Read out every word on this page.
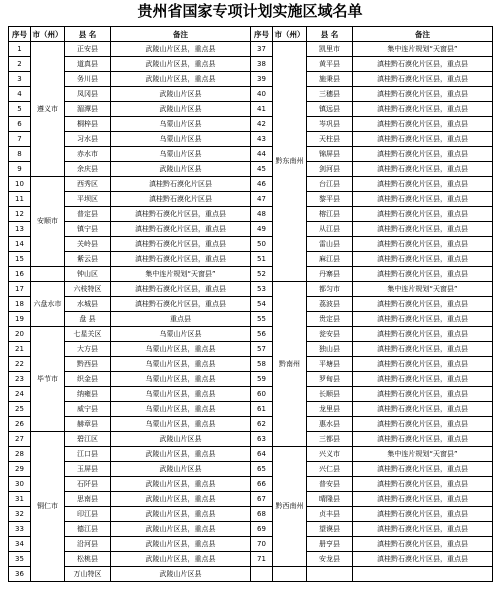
贵州省国家专项计划实施区域名单
序号	市（州）	县 名	备注	序号	市（州）	县 名	备注
1	遵义市	正安县	武陵山片区县，重点县	37	黔东南州	凯里市	集中连片规划“天窗县”
2		道真县	武陵山片区县，重点县	38		黄平县	滇桂黔石漠化片区县，重点县
3		务川县	武陵山片区县，重点县	39		施秉县	滇桂黔石漠化片区县，重点县
4		凤冈县	武陵山片区县	40		三穗县	滇桂黔石漠化片区县，重点县
5		湄潭县	武陵山片区县	41		镇远县	滇桂黔石漠化片区县，重点县
6		桐梓县	乌蒙山片区县	42		岑巩县	滇桂黔石漠化片区县，重点县
7		习水县	乌蒙山片区县	43		天柱县	滇桂黔石漠化片区县，重点县
8		赤水市	乌蒙山片区县	44		锦屏县	滇桂黔石漠化片区县，重点县
9		余庆县	武陵山片区县	45		剑河县	滇桂黔石漠化片区县，重点县
10	安顺市	西秀区	滇桂黔石漠化片区县	46		台江县	滇桂黔石漠化片区县，重点县
11		平坝区	滇桂黔石漠化片区县	47		黎平县	滇桂黔石漠化片区县，重点县
12		普定县	滇桂黔石漠化片区县，重点县	48		榕江县	滇桂黔石漠化片区县，重点县
13		镇宁县	滇桂黔石漠化片区县，重点县	49		从江县	滇桂黔石漠化片区县，重点县
14		关岭县	滇桂黔石漠化片区县，重点县	50		雷山县	滇桂黔石漠化片区县，重点县
15		紫云县	滇桂黔石漠化片区县，重点县	51		麻江县	滇桂黔石漠化片区县，重点县
16		钟山区	集中连片规划“天窗县”	52		丹寨县	滇桂黔石漠化片区县，重点县
17	六盘水市	六枝特区	滇桂黔石漠化片区县，重点县	53	黔南州	都匀市	集中连片规划“天窗县”
18		水城县	滇桂黔石漠化片区县，重点县	54		荔波县	滇桂黔石漠化片区县，重点县
19		盘 县	重点县	55		贵定县	滇桂黔石漠化片区县，重点县
20	毕节市	七星关区	乌蒙山片区县	56		瓮安县	滇桂黔石漠化片区县，重点县
21		大方县	乌蒙山片区县，重点县	57		独山县	滇桂黔石漠化片区县，重点县
22		黔西县	乌蒙山片区县，重点县	58		平塘县	滇桂黔石漠化片区县，重点县
23		织金县	乌蒙山片区县，重点县	59		罗甸县	滇桂黔石漠化片区县，重点县
24		纳雍县	乌蒙山片区县，重点县	60		长顺县	滇桂黔石漠化片区县，重点县
25		威宁县	乌蒙山片区县，重点县	61		龙里县	滇桂黔石漠化片区县，重点县
26		赫章县	乌蒙山片区县，重点县	62		惠水县	滇桂黔石漠化片区县，重点县
27	铜仁市	碧江区	武陵山片区县	63		三都县	滇桂黔石漠化片区县，重点县
28		江口县	武陵山片区县，重点县	64	黔西南州	兴义市	集中连片规划“天窗县”
29		玉屏县	武陵山片区县	65		兴仁县	滇桂黔石漠化片区县，重点县
30		石阡县	武陵山片区县，重点县	66		普安县	滇桂黔石漠化片区县，重点县
31		思南县	武陵山片区县，重点县	67		晴隆县	滇桂黔石漠化片区县，重点县
32		印江县	武陵山片区县，重点县	68		贞丰县	滇桂黔石漠化片区县，重点县
33		德江县	武陵山片区县，重点县	69		望谟县	滇桂黔石漠化片区县，重点县
34		沿河县	武陵山片区县，重点县	70		册亨县	滇桂黔石漠化片区县，重点县
35		松桃县	武陵山片区县，重点县	71		安龙县	滇桂黔石漠化片区县，重点县
36		万山特区	武陵山片区县				
